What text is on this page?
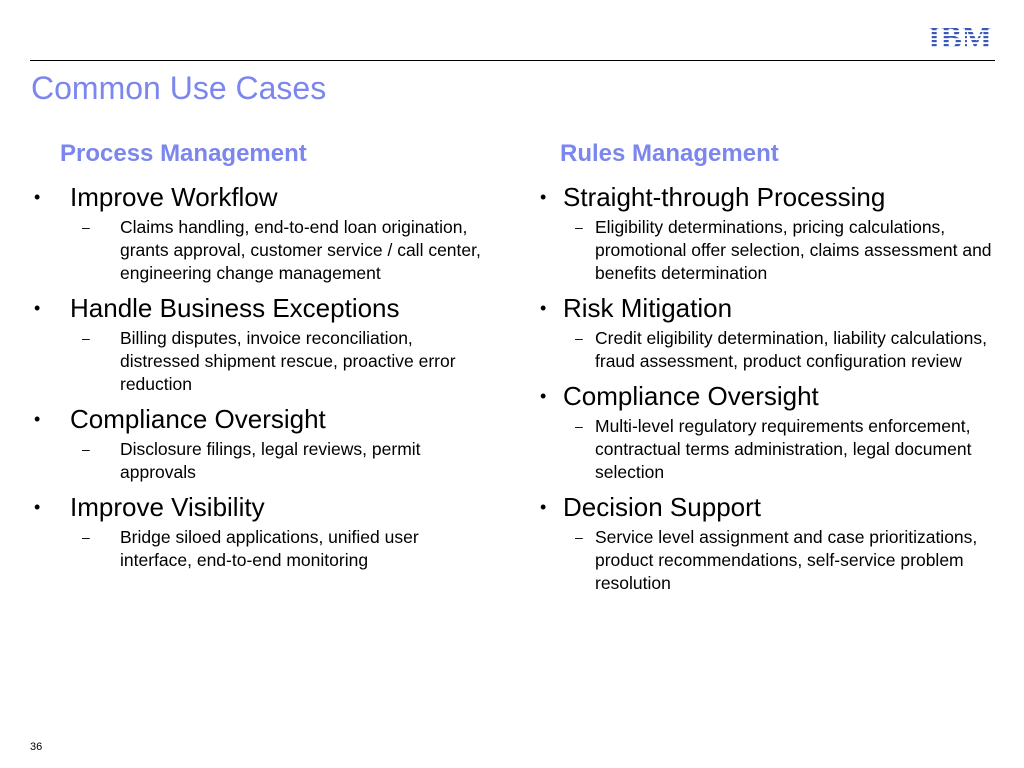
IBM
Common Use Cases
Process Management
•	Improve Workflow
–	Claims handling, end-to-end loan origination, grants approval, customer service / call center, engineering change management
•	Handle Business Exceptions
–	Billing disputes, invoice reconciliation, distressed shipment rescue, proactive error reduction
•	Compliance Oversight
–	Disclosure filings, legal reviews, permit approvals
•	Improve Visibility
–	Bridge siloed applications, unified user interface, end-to-end monitoring
Rules Management
• Straight-through Processing
– Eligibility determinations, pricing calculations, promotional offer selection, claims assessment and benefits determination
• Risk Mitigation
– Credit eligibility determination, liability calculations, fraud assessment, product configuration review
• Compliance Oversight
– Multi-level regulatory requirements enforcement, contractual terms administration, legal document selection
• Decision Support
– Service level assignment and case prioritizations, product recommendations, self-service problem resolution
36
